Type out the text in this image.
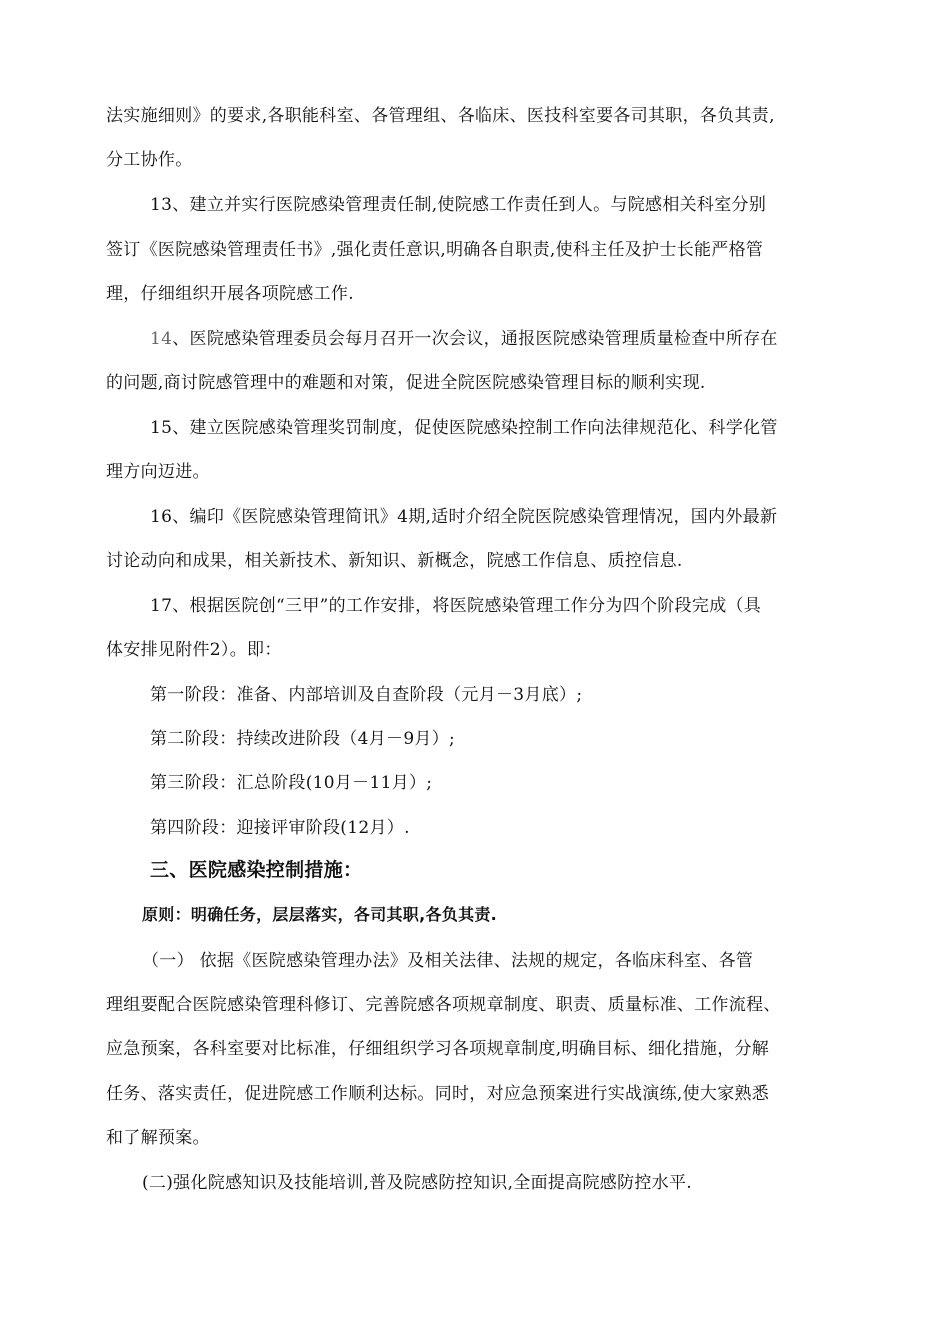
法实施细则》的要求,各职能科室、各管理组、各临床、医技科室要各司其职，各负其责,
分工协作。
13、建立并实行医院感染管理责任制,使院感工作责任到人。与院感相关科室分别
签订《医院感染管理责任书》,强化责任意识,明确各自职责,使科主任及护士长能严格管
理，仔细组织开展各项院感工作.
14、医院感染管理委员会每月召开一次会议，通报医院感染管理质量检查中所存在
的问题,商讨院感管理中的难题和对策，促进全院医院感染管理目标的顺利实现.
15、建立医院感染管理奖罚制度，促使医院感染控制工作向法律规范化、科学化管
理方向迈进。
16、编印《医院感染管理简讯》4期,适时介绍全院医院感染管理情况，国内外最新
讨论动向和成果，相关新技术、新知识、新概念，院感工作信息、质控信息.
17、根据医院创“三甲”的工作安排，将医院感染管理工作分为四个阶段完成（具
体安排见附件2）。即：
第一阶段：准备、内部培训及自查阶段（元月－3月底）;
第二阶段：持续改进阶段（4月－9月）;
第三阶段：汇总阶段(10月－11月）;
第四阶段：迎接评审阶段(12月）.
三、医院感染控制措施：
原则：明确任务，层层落实，各司其职,各负其责.
（一） 依据《医院感染管理办法》及相关法律、法规的规定，各临床科室、各管
理组要配合医院感染管理科修订、完善院感各项规章制度、职责、质量标准、工作流程、
应急预案，各科室要对比标准，仔细组织学习各项规章制度,明确目标、细化措施，分解
任务、落实责任，促进院感工作顺利达标。同时，对应急预案进行实战演练,使大家熟悉
和了解预案。
(二)强化院感知识及技能培训,普及院感防控知识,全面提高院感防控水平.
